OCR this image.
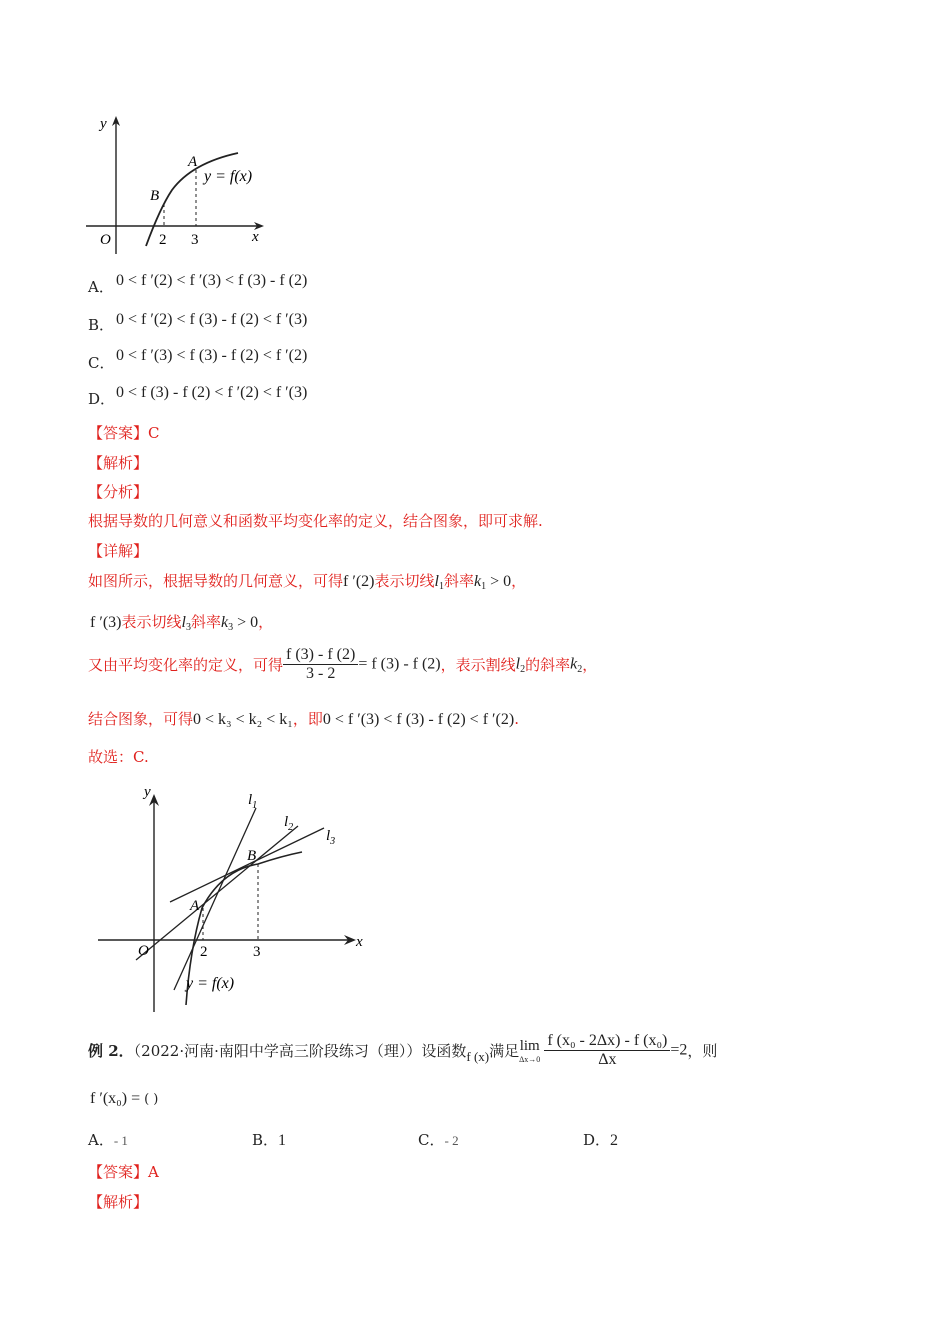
y
x
O
A
B
2 3
y = f(x)
A． 0 < f ′(2) < f ′(3) < f (3) - f (2)
B． 0 < f ′(2) < f (3) - f (2) < f ′(3)
C． 0 < f ′(3) < f (3) - f (2) < f ′(2)
D． 0 < f (3) - f (2) < f ′(2) < f ′(3)
【答案】C
【解析】
【分析】
根据导数的几何意义和函数平均变化率的定义，结合图象，即可求解.
【详解】
如图所示，根据导数的几何意义，可得f ′(2)表示切线$l_1$斜率$k_1 > 0$，
f ′(3)表示切线$l_3$斜率$k_3 > 0$，
又由平均变化率的定义，可得 $\frac{f (3) - f (2)}{3 - 2} = f$ (3) - f (2)，表示割线$l_2$的斜率$k_2$，
结合图象，可得0 < k₃ < k₂ < k₁，即0 < f ′(3) < f (3) - f (2) < f ′(2).
故选：C.
y
x
O
A
B
2	3
$l_1$
$l_2$
$l_3$
y = f(x)
例 2．（2022·河南·南阳中学高三阶段练习（理））设函数$_{f (x)}$满足 lim
$\Delta x\to 0 \frac{\text{f (x₀ - 2Δx) - f (x₀)}}{\Delta x} =2$，则
f ′(x₀) = ( )
A．- 1	B．1	C．- 2	D．2
【答案】A
【解析】
